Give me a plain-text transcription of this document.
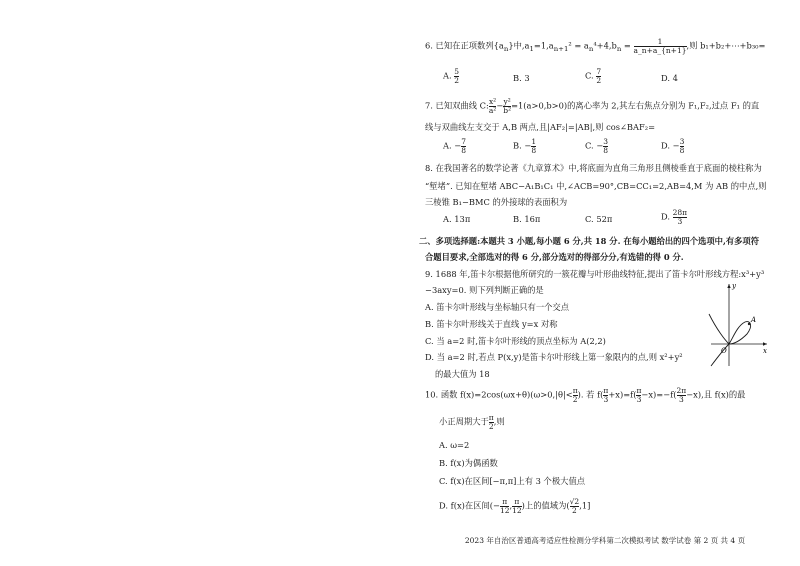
6. 已知在正项数列$\{a_n\}$中$,a_1=1,a_{n+1}^2 = a_n^4+4,b_n = \frac{1}{a\_n+a\_\{n+1\}}$ ,则 b₁+b₂+⋯+b₃₀=
A. $\frac{5}{2}$	B. 3	C. $\frac{7}{2}$	D. 4
7. 已知双曲线 C: $\frac{\text{x²}}{\text{a²}} - \frac{\text{y²}}{\text{b²}} =1(a>0,b>0)$的离心率为 2,其左右焦点分别为 F₁,F₂,过点 F₁ 的直
线与双曲线左支交于 A,B 两点,且|AF₂|=|AB|,则 cos∠BAF₂=
A. − $\frac{7}{8}$	B. − $\frac{1}{8}$	C. − $\frac{3}{8}$	D. − $\frac{3}{8}$
8. 在我国著名的数学论著《九章算术》中,将底面为直角三角形且侧棱垂直于底面的棱柱称为
“堑堵”. 已知在堑堵 ABC−A₁B₁C₁ 中,∠ACB=90°,CB=CC₁=2,AB=4,M 为 AB 的中点,则
三棱锥 B₁−BMC 的外接球的表面积为
A. 13π	B. 16π	C. 52π	D. $\frac{28\pi}{3}$
二、多项选择题:本题共 3 小题,每小题 6 分,共 18 分. 在每小题给出的四个选项中,有多项符
合题目要求,全部选对的得 6 分,部分选对的得部分分,有选错的得 0 分.
9. 1688 年,笛卡尔根据他所研究的一簇花瓣与叶形曲线特征,提出了笛卡尔叶形线方程:x³+y³
−3axy=0. 则下列判断正确的是
A. 笛卡尔叶形线与坐标轴只有一个交点
B. 笛卡尔叶形线关于直线 y=x 对称
C. 当 a=2 时,笛卡尔叶形线的顶点坐标为 A(2,2)
D. 当 a=2 时,若点 P(x,y)是笛卡尔叶形线上第一象限内的点,则 x²+y²
的最大值为 18
A
y
x
O
10. 函数 $f(x)=2\cos(\omega x+\theta)(\omega>0,|\theta|< \frac{\pi}{2}$ ). 若 $f( \frac{\pi}{3} +x)=f( \frac{\pi}{3} -x)=-f( \frac{2\pi}{3} -x)$,且 f(x)的最
小正周期大于 $\frac{\pi}{2}$ ,则
A. ω=2
B. f(x)为偶函数
C. f(x)在区间[−π,π]上有 3 个极大值点
D. f(x)在区间(− $\frac{\pi}{12}$ , $\frac{\pi}{12}$ )上的值域为( $\frac{√2}{2} ,1$]
2023 年自治区普通高考适应性检测分学科第二次模拟考试 数学试卷 第 2 页 共 4 页
